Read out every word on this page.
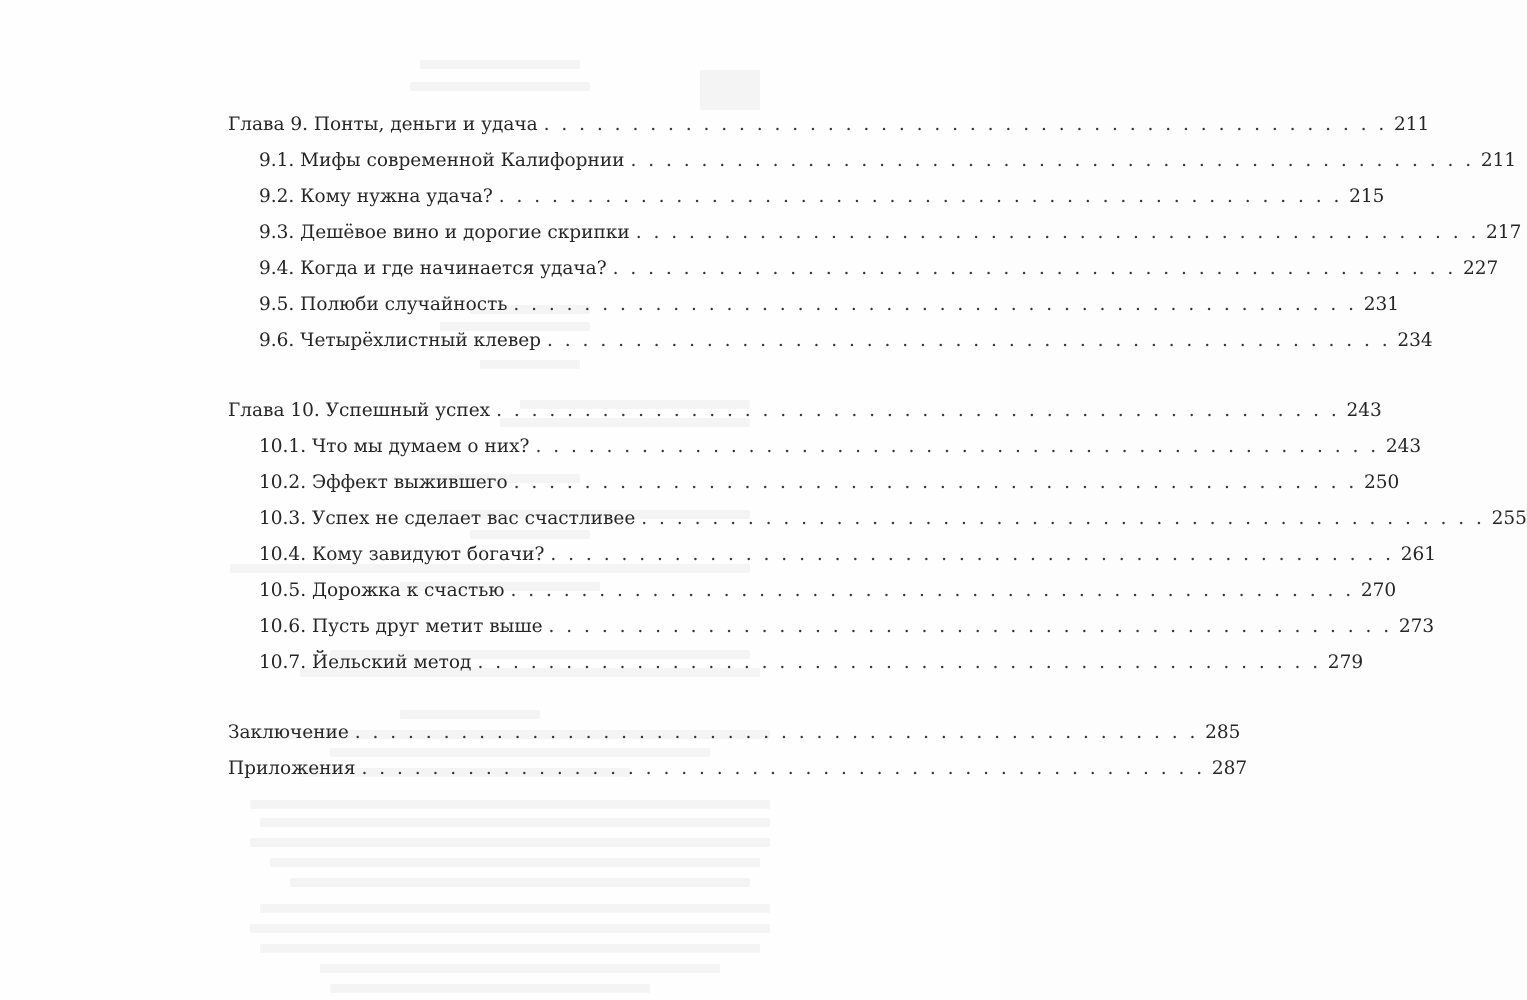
Глава 9. Понты, деньги и удача . . . . . . . . . . . . . . . . . . . . . . . . . . . . . . . . . . . . . . . . . . . . . . . . 211
9.1. Мифы современной Калифорнии . . . . . . . . . . . . . . . . . . . . . . . . . . . . . . . . . . . . . . . . . . . . . . . . 211
9.2. Кому нужна удача? . . . . . . . . . . . . . . . . . . . . . . . . . . . . . . . . . . . . . . . . . . . . . . . . 215
9.3. Дешёвое вино и дорогие скрипки . . . . . . . . . . . . . . . . . . . . . . . . . . . . . . . . . . . . . . . . . . . . . . . . 217
9.4. Когда и где начинается удача? . . . . . . . . . . . . . . . . . . . . . . . . . . . . . . . . . . . . . . . . . . . . . . . . 227
9.5. Полюби случайность . . . . . . . . . . . . . . . . . . . . . . . . . . . . . . . . . . . . . . . . . . . . . . . . 231
9.6. Четырёхлистный клевер . . . . . . . . . . . . . . . . . . . . . . . . . . . . . . . . . . . . . . . . . . . . . . . . 234
Глава 10. Успешный успех . . . . . . . . . . . . . . . . . . . . . . . . . . . . . . . . . . . . . . . . . . . . . . . . 243
10.1. Что мы думаем о них? . . . . . . . . . . . . . . . . . . . . . . . . . . . . . . . . . . . . . . . . . . . . . . . . 243
10.2. Эффект выжившего . . . . . . . . . . . . . . . . . . . . . . . . . . . . . . . . . . . . . . . . . . . . . . . . 250
10.3. Успех не сделает вас счастливее . . . . . . . . . . . . . . . . . . . . . . . . . . . . . . . . . . . . . . . . . . . . . . . . 255
10.4. Кому завидуют богачи? . . . . . . . . . . . . . . . . . . . . . . . . . . . . . . . . . . . . . . . . . . . . . . . . 261
10.5. Дорожка к счастью . . . . . . . . . . . . . . . . . . . . . . . . . . . . . . . . . . . . . . . . . . . . . . . . 270
10.6. Пусть друг метит выше . . . . . . . . . . . . . . . . . . . . . . . . . . . . . . . . . . . . . . . . . . . . . . . . 273
10.7. Йельский метод . . . . . . . . . . . . . . . . . . . . . . . . . . . . . . . . . . . . . . . . . . . . . . . . 279
Заключение . . . . . . . . . . . . . . . . . . . . . . . . . . . . . . . . . . . . . . . . . . . . . . . . 285
Приложения . . . . . . . . . . . . . . . . . . . . . . . . . . . . . . . . . . . . . . . . . . . . . . . . 287
